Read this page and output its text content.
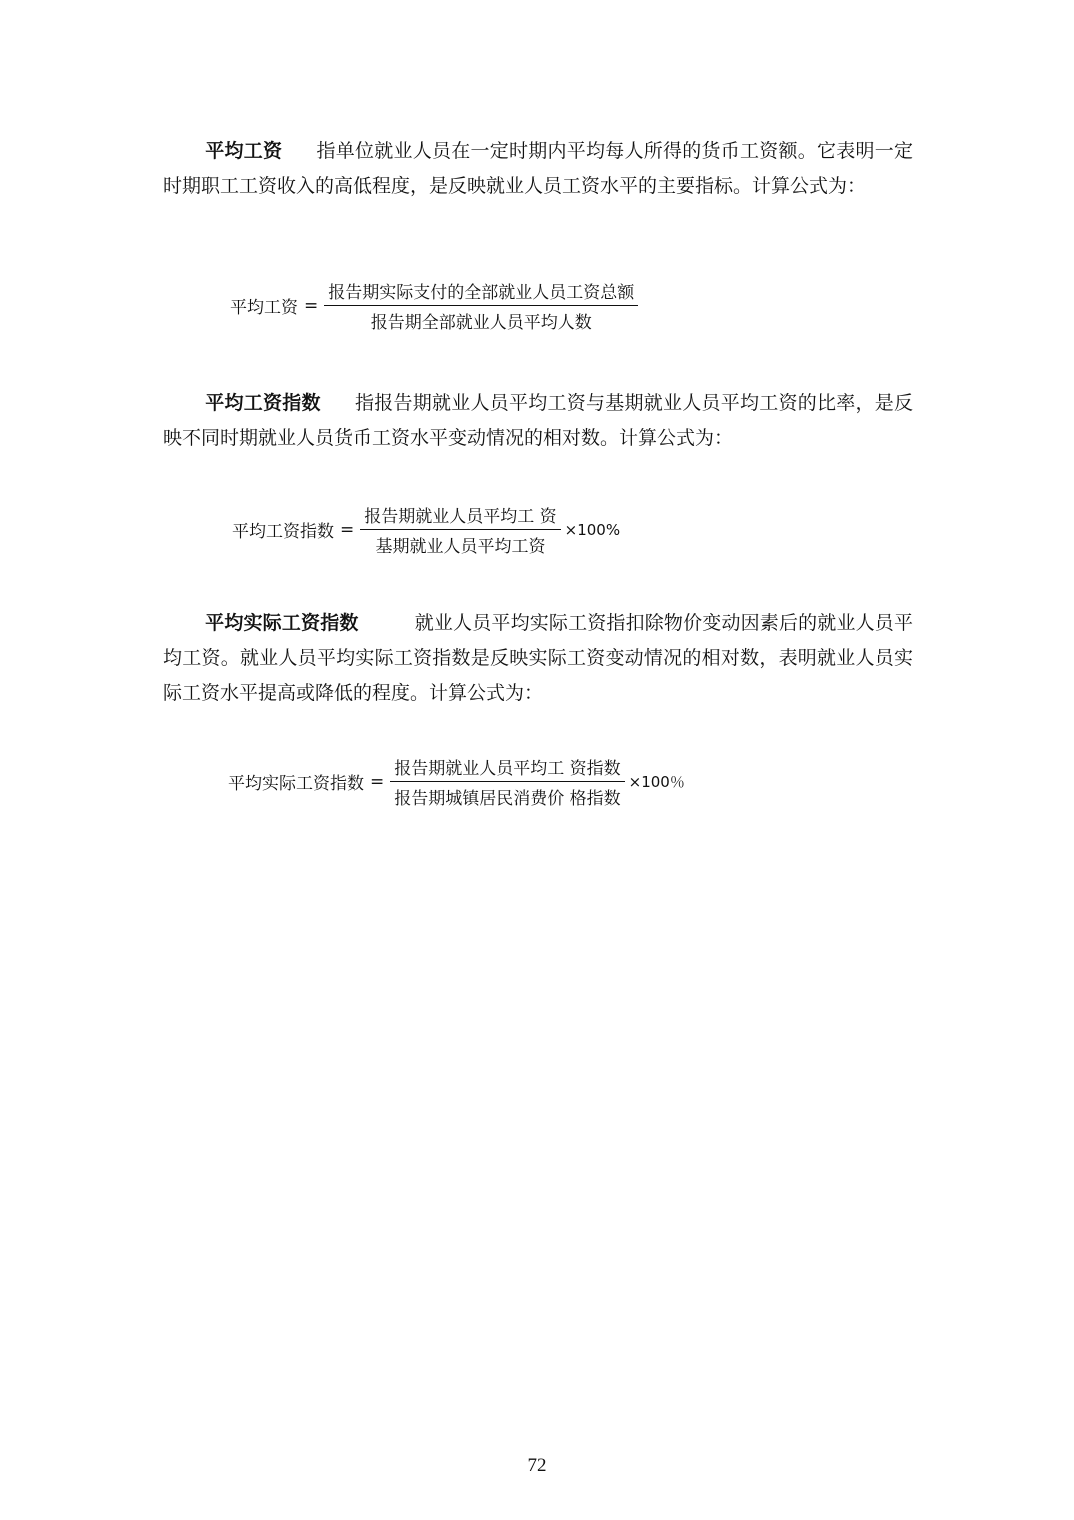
平均工资 指单位就业人员在一定时期内平均每人所得的货币工资额。它表明一定时期职工工资收入的高低程度，是反映就业人员工资水平的主要指标。计算公式为：

平均工资 = $\frac{\text{报告期实际支付的全部就业人员工资总额}}{\text{报告期全部就业人员平均人数}}$

平均工资指数 指报告期就业人员平均工资与基期就业人员平均工资的比率，是反映不同时期就业人员货币工资水平变动情况的相对数。计算公式为：

平均工资指数 = $\frac{\text{报告期就业人员平均工 资}}{\text{基期就业人员平均工资}} \times 100\%$

平均实际工资指数	就业人员平均实际工资指扣除物价变动因素后的就业人员平均工资。就业人员平均实际工资指数是反映实际工资变动情况的相对数，表明就业人员实际工资水平提高或降低的程度。计算公式为：

平均实际工资指数 = $\frac{\text{报告期就业人员平均工 资指数}}{\text{报告期城镇居民消费价 格指数}} \times 100$％
72
